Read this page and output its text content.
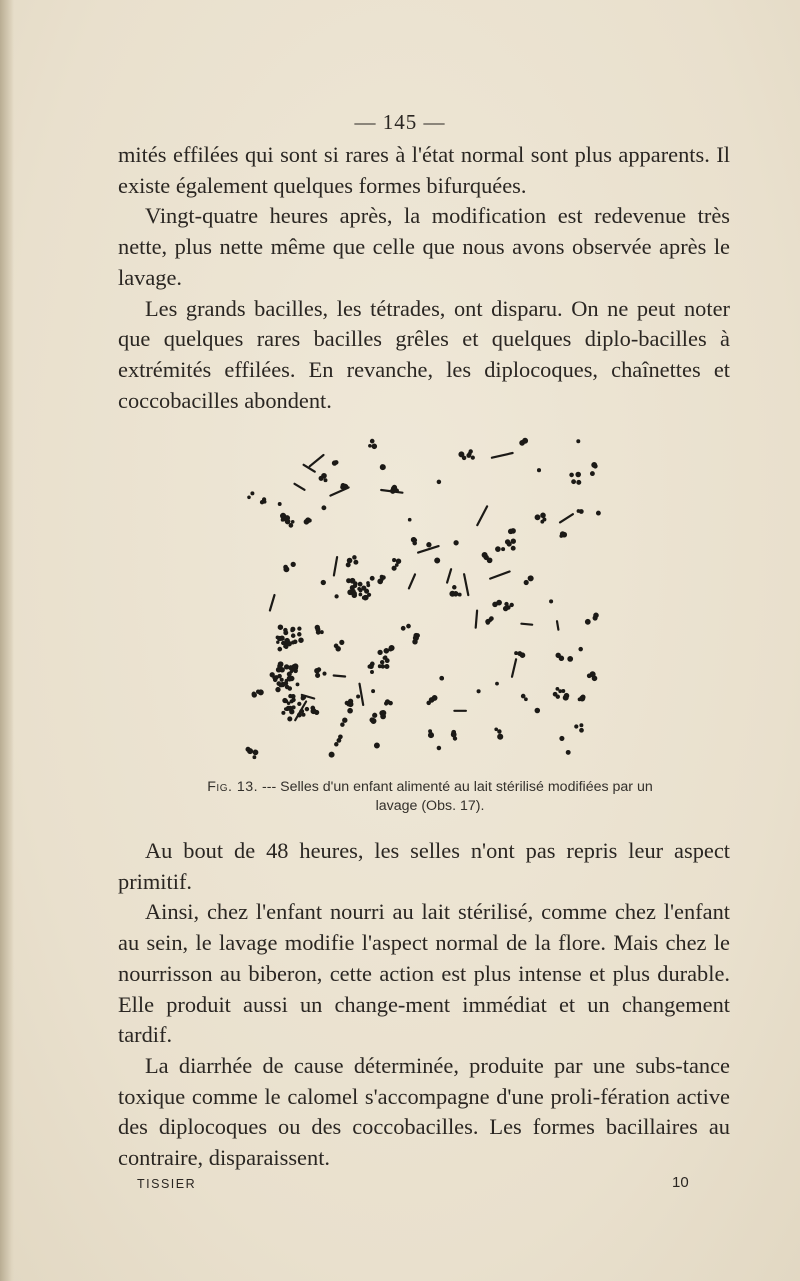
— 145 —

mités effilées qui sont si rares à l'état normal sont plus apparents. Il existe également quelques formes bifurquées.

Vingt-quatre heures après, la modification est redevenue très nette, plus nette même que celle que nous avons observée après le lavage.

Les grands bacilles, les tétrades, ont disparu. On ne peut noter que quelques rares bacilles grêles et quelques diplo-bacilles à extrémités effilées. En revanche, les diplocoques, chaînettes et coccobacilles abondent.

Fig. 13. --- Selles d'un enfant alimenté au lait stérilisé modifiées par un lavage (Obs. 17).

Au bout de 48 heures, les selles n'ont pas repris leur aspect primitif.

Ainsi, chez l'enfant nourri au lait stérilisé, comme chez l'enfant au sein, le lavage modifie l'aspect normal de la flore. Mais chez le nourrisson au biberon, cette action est plus intense et plus durable. Elle produit aussi un change-ment immédiat et un changement tardif.

La diarrhée de cause déterminée, produite par une subs-tance toxique comme le calomel s'accompagne d'une proli-fération active des diplocoques ou des coccobacilles. Les formes bacillaires au contraire, disparaissent.

TISSIER	10
